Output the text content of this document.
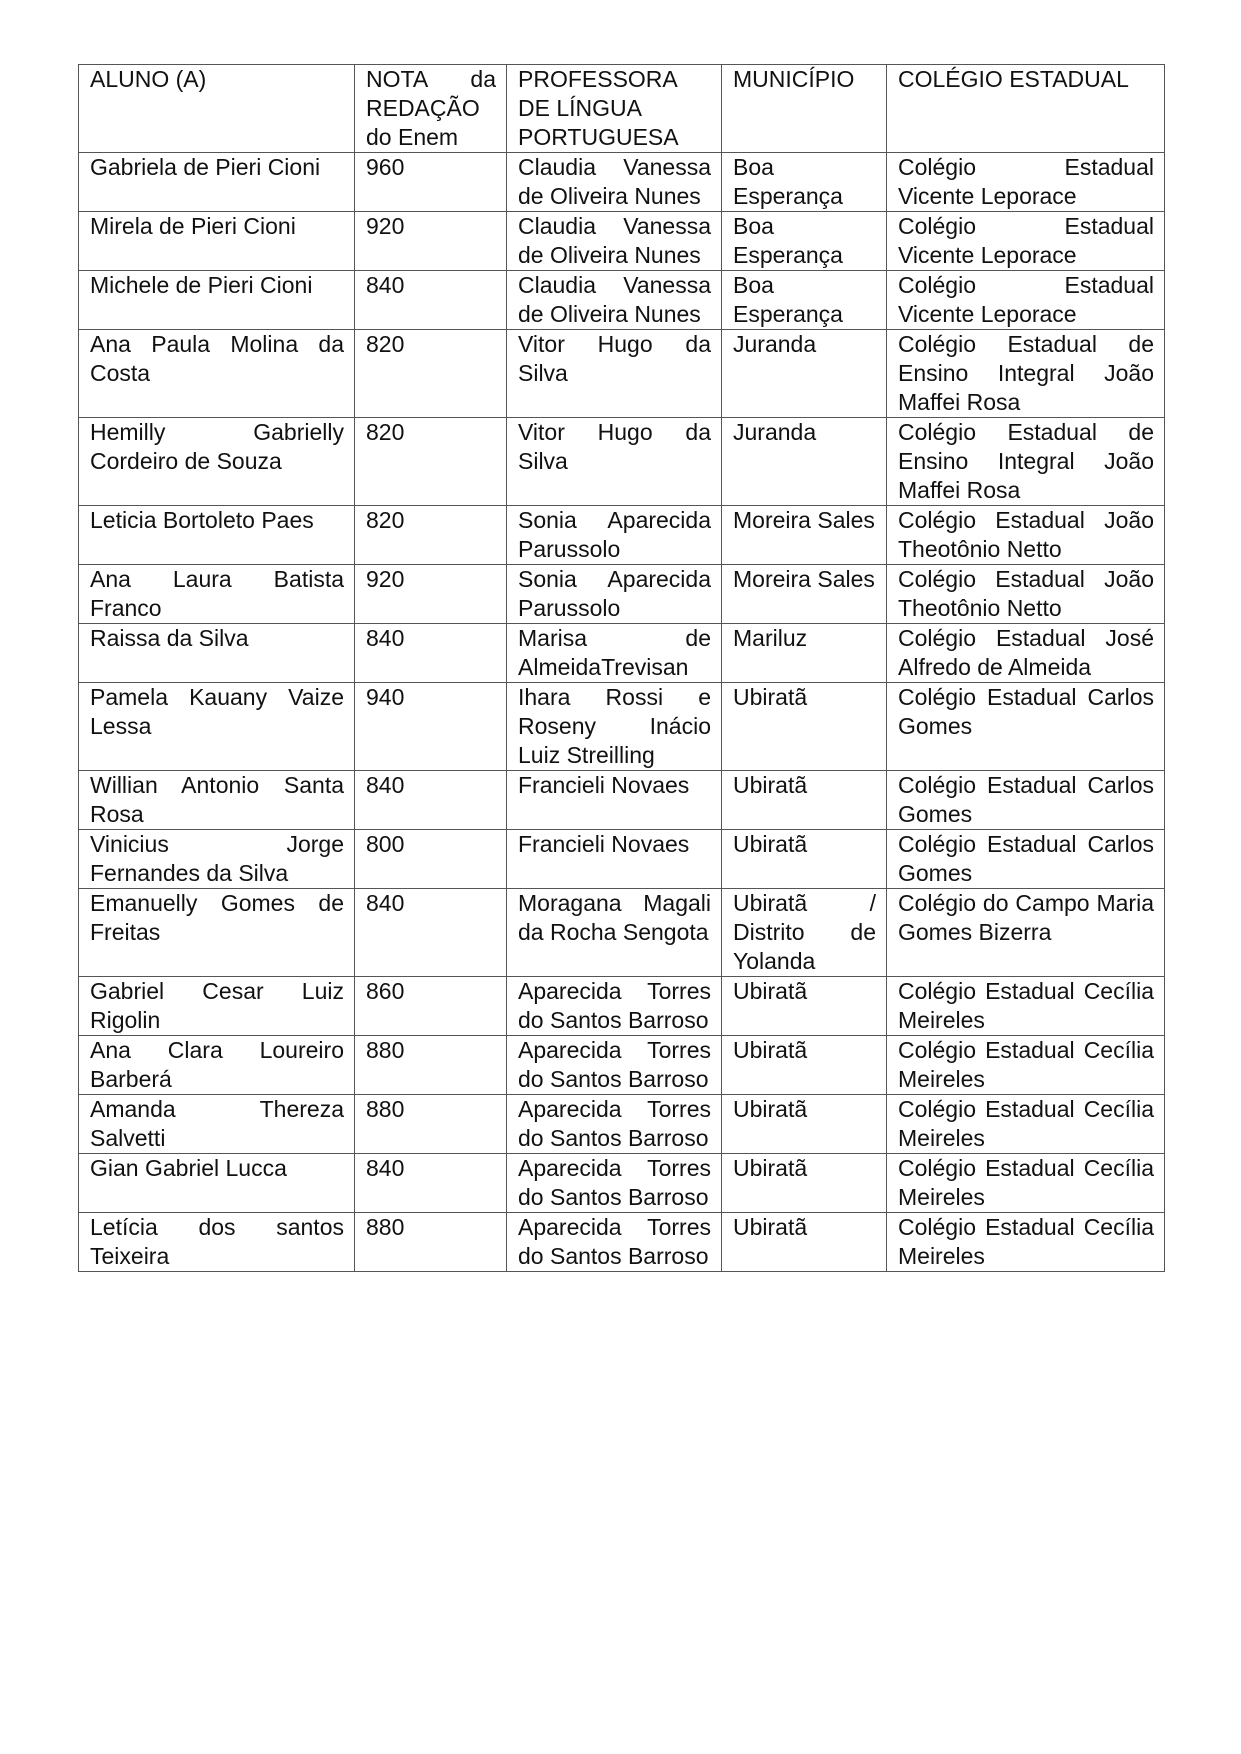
ALUNO (A)	NOTA da REDAÇÃO do Enem	PROFESSORA DE LÍNGUA PORTUGUESA	MUNICÍPIO	COLÉGIO ESTADUAL
Gabriela de Pieri Cioni	960	Claudia Vanessa de Oliveira Nunes	Boa Esperança	Colégio Estadual Vicente Leporace
Mirela de Pieri Cioni	920	Claudia Vanessa de Oliveira Nunes	Boa Esperança	Colégio Estadual Vicente Leporace
Michele de Pieri Cioni	840	Claudia Vanessa de Oliveira Nunes	Boa Esperança	Colégio Estadual Vicente Leporace
Ana Paula Molina da Costa	820	Vitor Hugo da Silva	Juranda	Colégio Estadual de Ensino Integral João Maffei Rosa
Hemilly Gabrielly Cordeiro de Souza	820	Vitor Hugo da Silva	Juranda	Colégio Estadual de Ensino Integral João Maffei Rosa
Leticia Bortoleto Paes	820	Sonia Aparecida Parussolo	Moreira Sales	Colégio Estadual João Theotônio Netto
Ana Laura Batista Franco	920	Sonia Aparecida Parussolo	Moreira Sales	Colégio Estadual João Theotônio Netto
Raissa da Silva	840	Marisa de AlmeidaTrevisan	Mariluz	Colégio Estadual José Alfredo de Almeida
Pamela Kauany Vaize Lessa	940	Ihara Rossi e Roseny Inácio Luiz Streilling	Ubiratã	Colégio Estadual Carlos Gomes
Willian Antonio Santa Rosa	840	Francieli Novaes	Ubiratã	Colégio Estadual Carlos Gomes
Vinicius Jorge Fernandes da Silva	800	Francieli Novaes	Ubiratã	Colégio Estadual Carlos Gomes
Emanuelly Gomes de Freitas	840	Moragana Magali da Rocha Sengota	Ubiratã / Distrito de Yolanda	Colégio do Campo Maria Gomes Bizerra
Gabriel Cesar Luiz Rigolin	860	Aparecida Torres do Santos Barroso	Ubiratã	Colégio Estadual Cecília Meireles
Ana Clara Loureiro Barberá	880	Aparecida Torres do Santos Barroso	Ubiratã	Colégio Estadual Cecília Meireles
Amanda Thereza Salvetti	880	Aparecida Torres do Santos Barroso	Ubiratã	Colégio Estadual Cecília Meireles
Gian Gabriel Lucca	840	Aparecida Torres do Santos Barroso	Ubiratã	Colégio Estadual Cecília Meireles
Letícia dos santos Teixeira	880	Aparecida Torres do Santos Barroso	Ubiratã	Colégio Estadual Cecília Meireles
